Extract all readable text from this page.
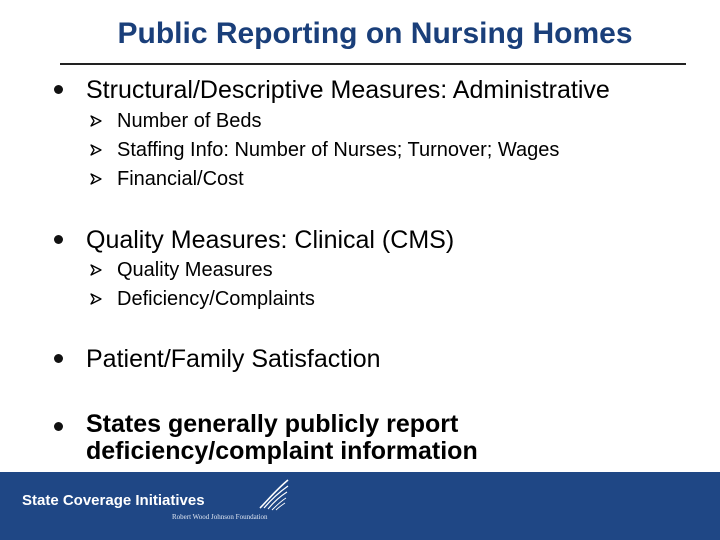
Public Reporting on Nursing Homes
Structural/Descriptive Measures: Administrative
Number of Beds
Staffing Info: Number of Nurses; Turnover; Wages
Financial/Cost
Quality Measures: Clinical (CMS)
Quality Measures
Deficiency/Complaints
Patient/Family Satisfaction
States generally publicly report
deficiency/complaint information
State Coverage Initiatives
Robert Wood Johnson Foundation
